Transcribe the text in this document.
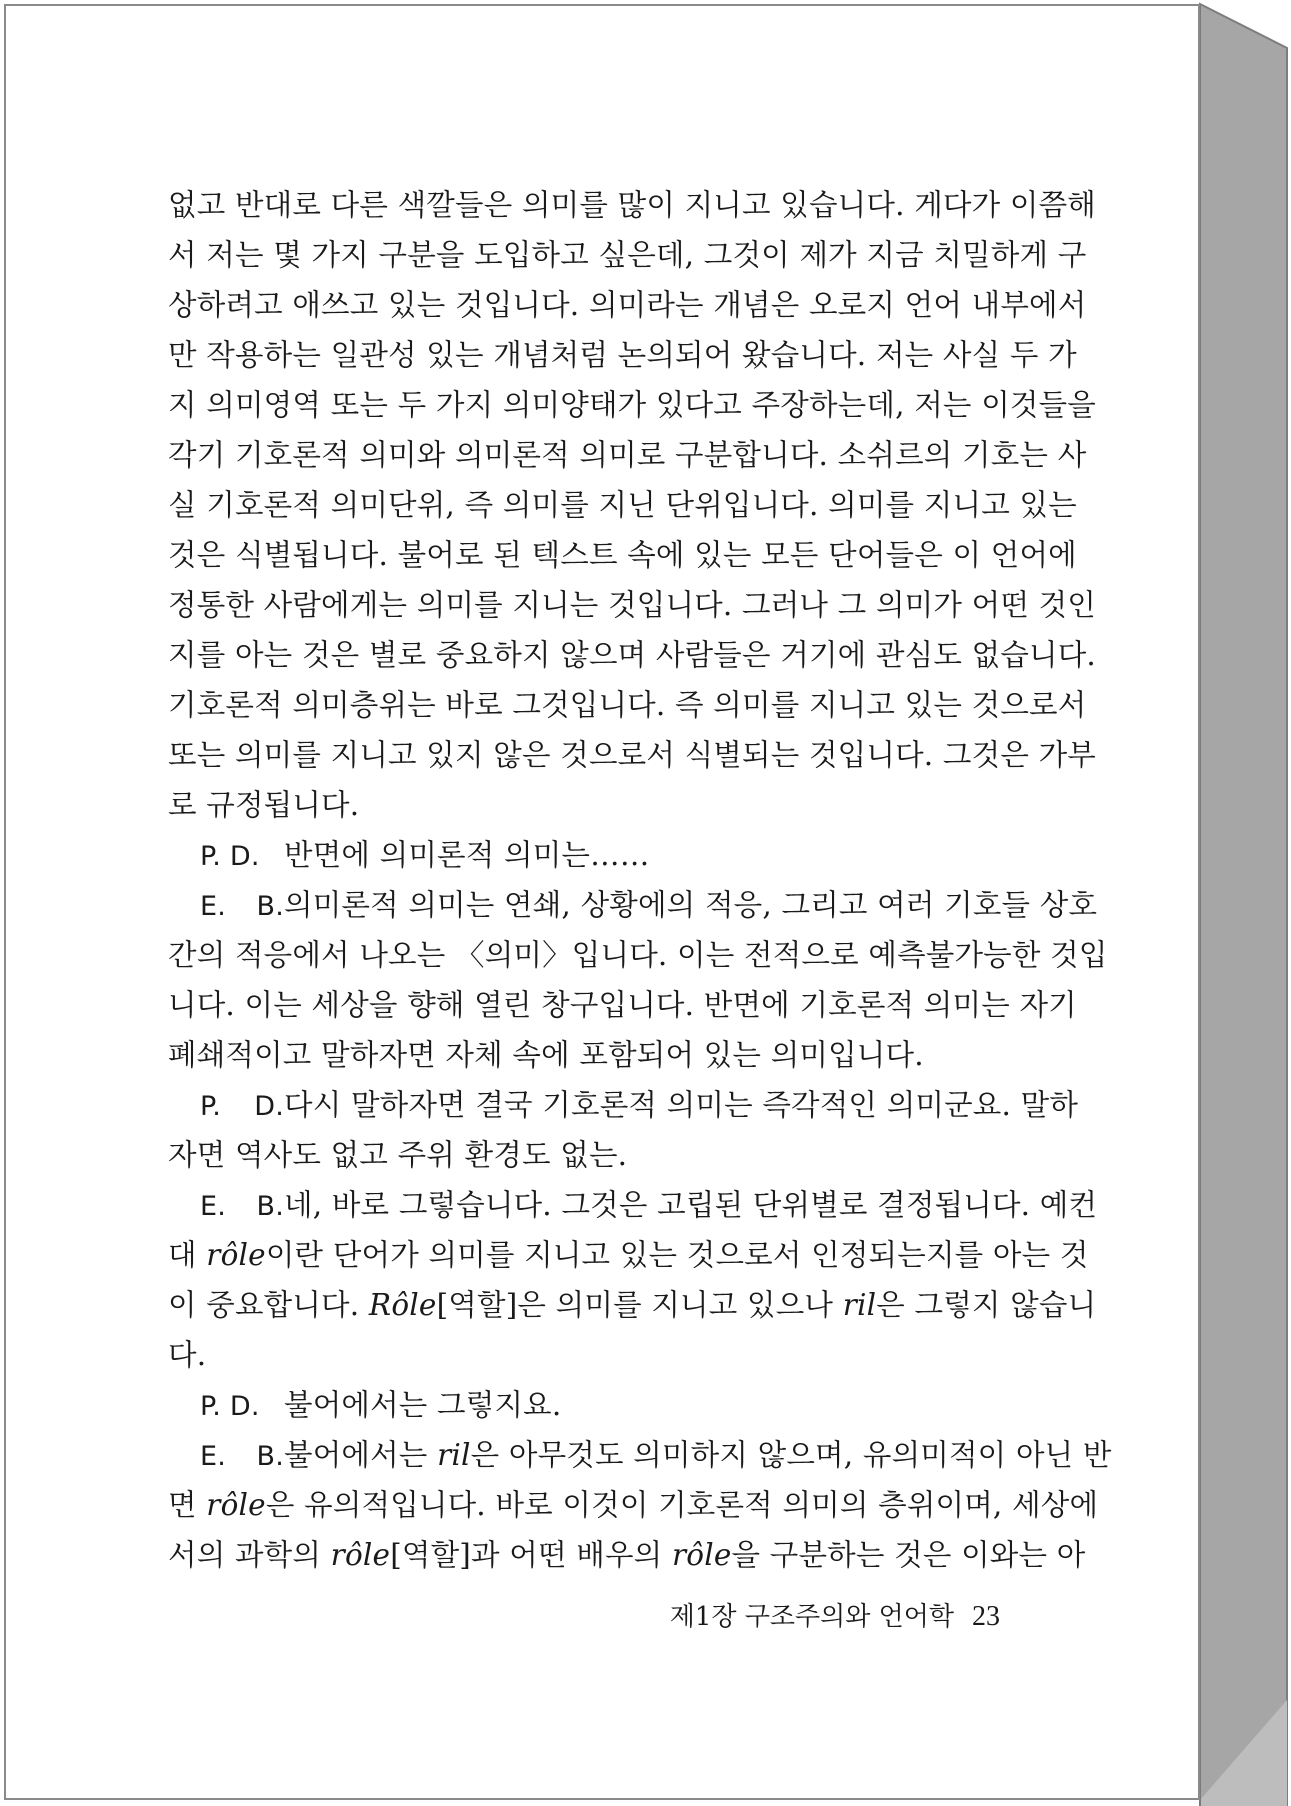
없고 반대로 다른 색깔들은 의미를 많이 지니고 있습니다. 게다가 이쯤해
서 저는 몇 가지 구분을 도입하고 싶은데, 그것이 제가 지금 치밀하게 구
상하려고 애쓰고 있는 것입니다. 의미라는 개념은 오로지 언어 내부에서
만 작용하는 일관성 있는 개념처럼 논의되어 왔습니다. 저는 사실 두 가
지 의미영역 또는 두 가지 의미양태가 있다고 주장하는데, 저는 이것들을
각기 기호론적 의미와 의미론적 의미로 구분합니다. 소쉬르의 기호는 사
실 기호론적 의미단위, 즉 의미를 지닌 단위입니다. 의미를 지니고 있는
것은 식별됩니다. 불어로 된 텍스트 속에 있는 모든 단어들은 이 언어에
정통한 사람에게는 의미를 지니는 것입니다. 그러나 그 의미가 어떤 것인
지를 아는 것은 별로 중요하지 않으며 사람들은 거기에 관심도 없습니다.
기호론적 의미층위는 바로 그것입니다. 즉 의미를 지니고 있는 것으로서
또는 의미를 지니고 있지 않은 것으로서 식별되는 것입니다. 그것은 가부
로 규정됩니다.
P. D. 반면에 의미론적 의미는……
E. B.의미론적 의미는 연쇄, 상황에의 적응, 그리고 여러 기호들 상호
간의 적응에서 나오는 〈의미〉입니다. 이는 전적으로 예측불가능한 것입
니다. 이는 세상을 향해 열린 창구입니다. 반면에 기호론적 의미는 자기
폐쇄적이고 말하자면 자체 속에 포함되어 있는 의미입니다.
P. D.다시 말하자면 결국 기호론적 의미는 즉각적인 의미군요. 말하
자면 역사도 없고 주위 환경도 없는.
E. B.네, 바로 그렇습니다. 그것은 고립된 단위별로 결정됩니다. 예컨
대 rôle이란 단어가 의미를 지니고 있는 것으로서 인정되는지를 아는 것
이 중요합니다. Rôle[역할]은 의미를 지니고 있으나 ril은 그렇지 않습니
다.
P. D. 불어에서는 그렇지요.
E. B.불어에서는 ril은 아무것도 의미하지 않으며, 유의미적이 아닌 반
면 rôle은 유의적입니다. 바로 이것이 기호론적 의미의 층위이며, 세상에
서의 과학의 rôle[역할]과 어떤 배우의 rôle을 구분하는 것은 이와는 아
제1장 구조주의와 언어학 23
